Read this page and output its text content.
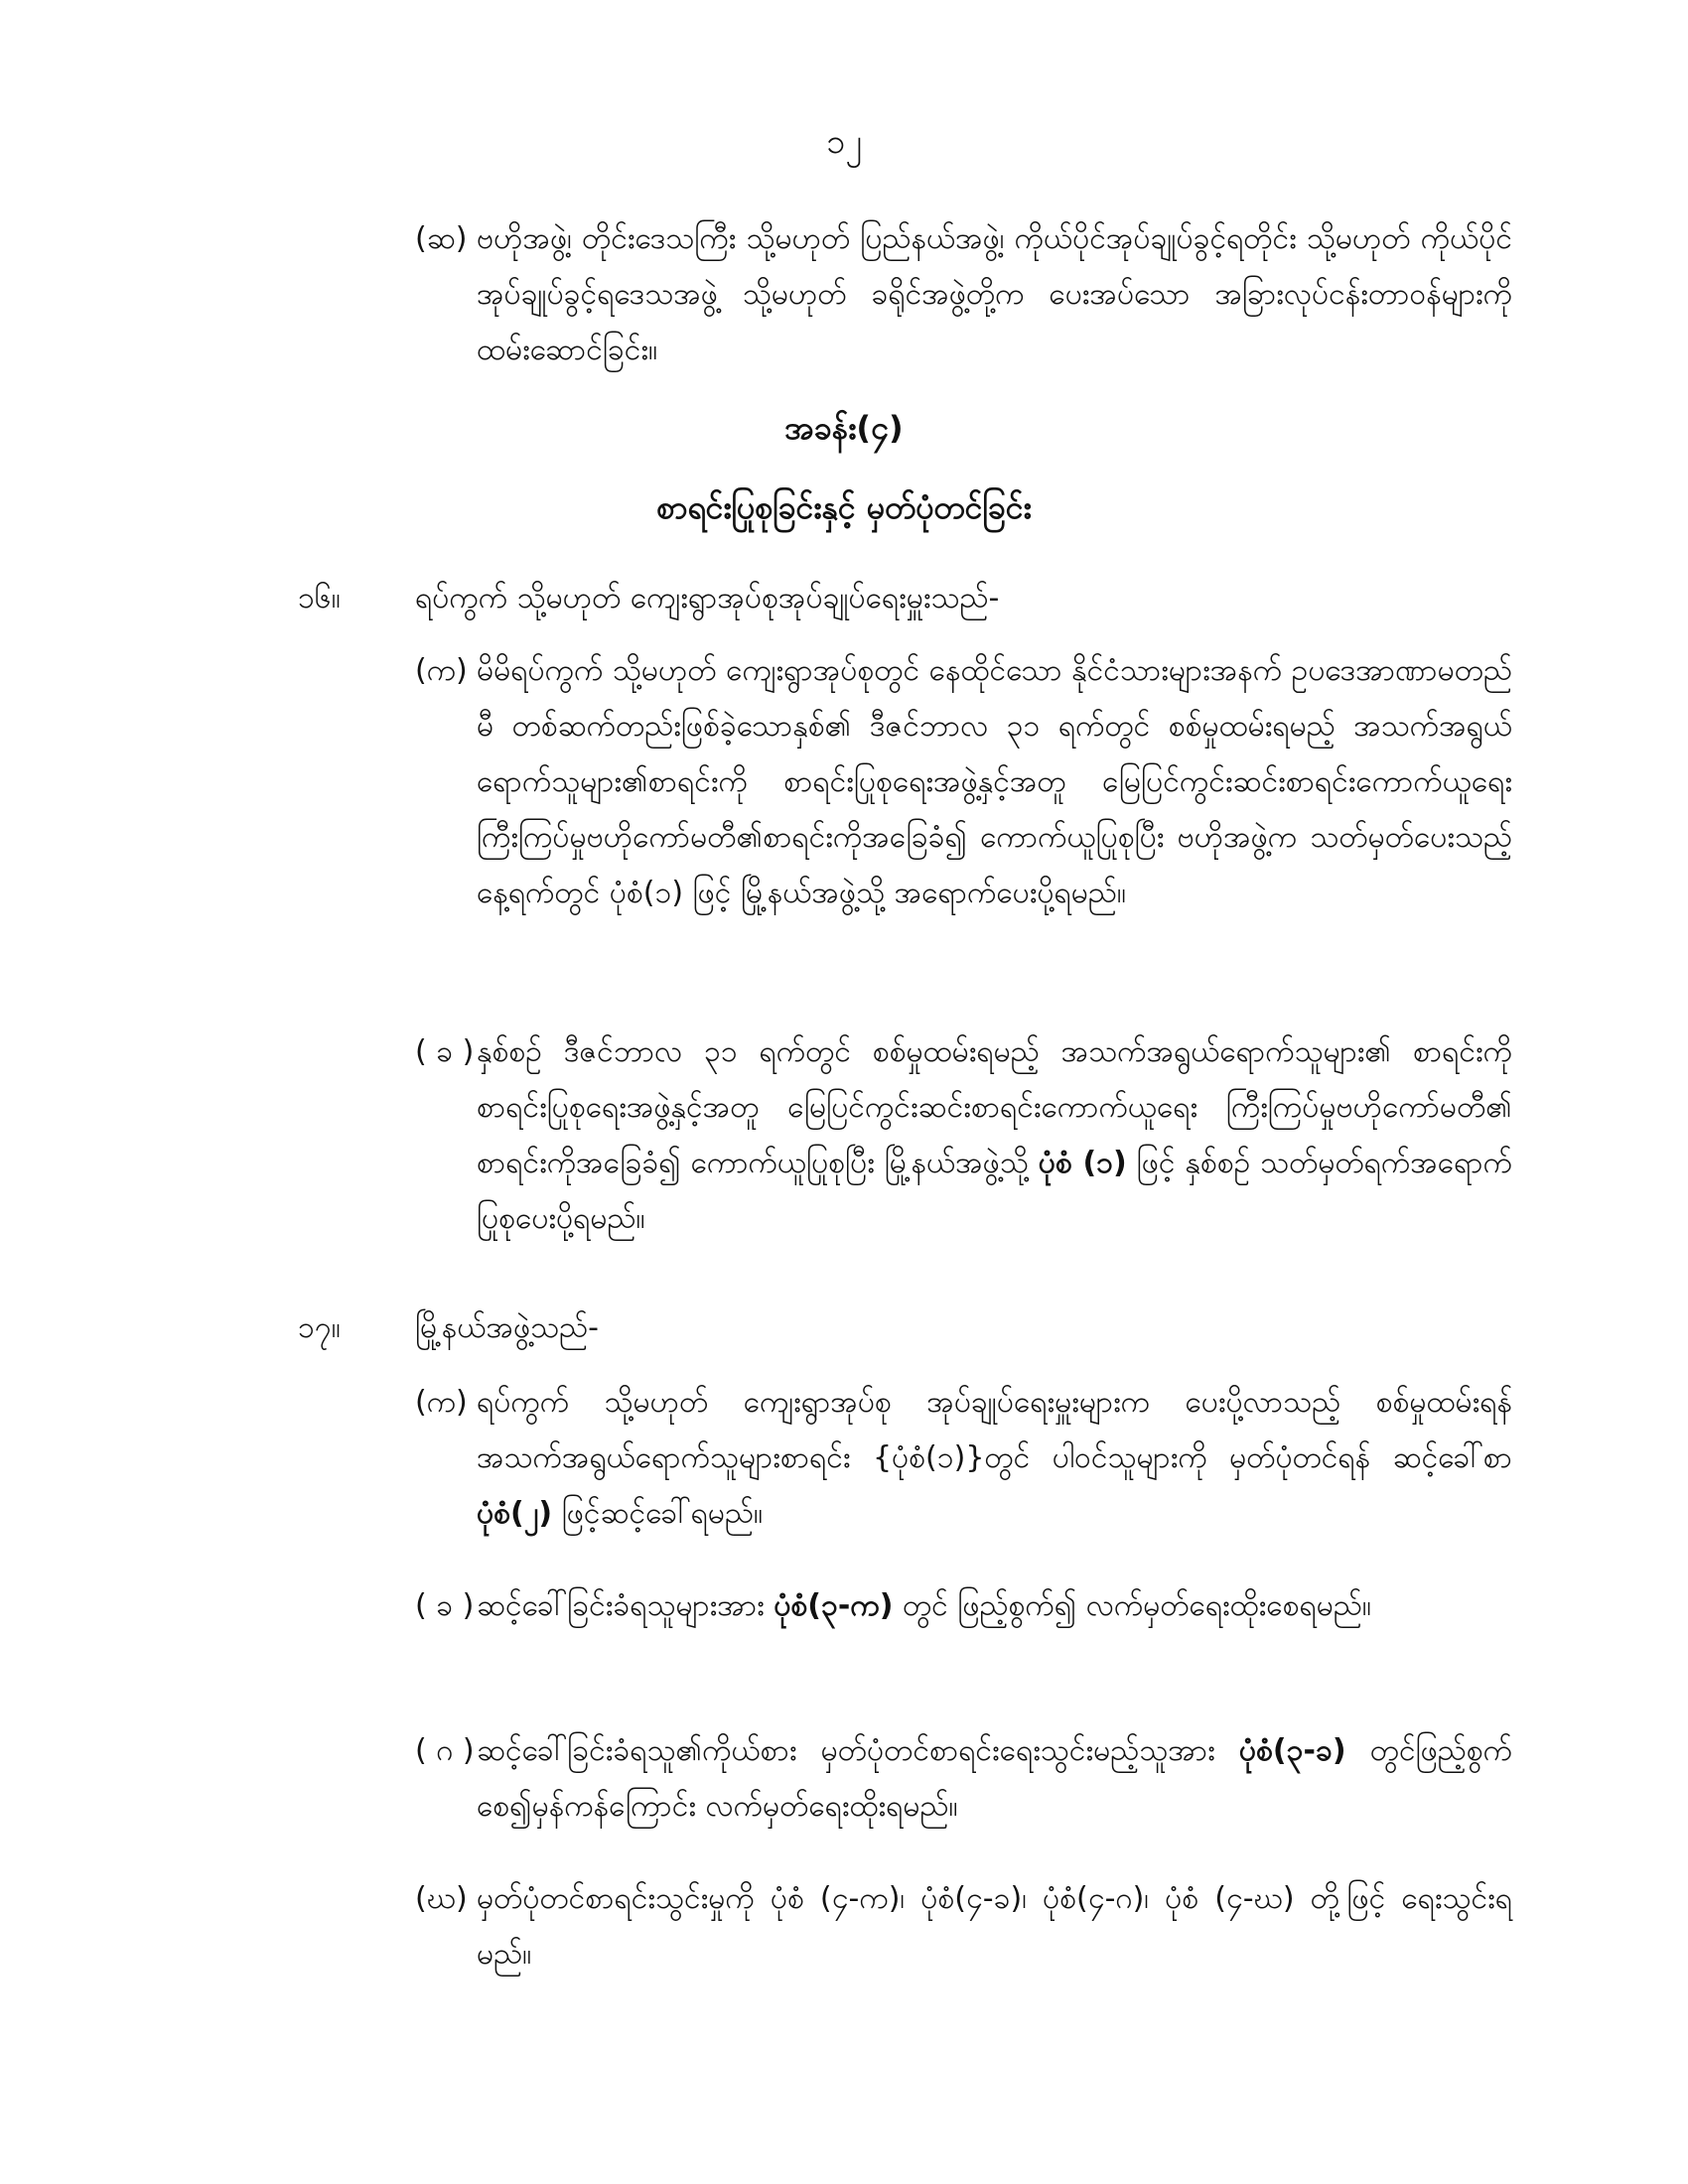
၁၂
(ဆ) ဗဟိုအဖွဲ့၊ တိုင်းဒေသကြီး သို့မဟုတ် ပြည်နယ်အဖွဲ့၊ ကိုယ်ပိုင်အုပ်ချုပ်ခွင့်ရတိုင်း သို့မဟုတ် ကိုယ်ပိုင်အုပ်ချုပ်ခွင့်ရဒေသအဖွဲ့ သို့မဟုတ် ခရိုင်အဖွဲ့တို့က ပေးအပ်သော အခြားလုပ်ငန်းတာဝန်များကို ထမ်းဆောင်ခြင်း။
အခန်း(၄)
စာရင်းပြုစုခြင်းနှင့် မှတ်ပုံတင်ခြင်း
၁၆။	ရပ်ကွက် သို့မဟုတ် ကျေးရွာအုပ်စုအုပ်ချုပ်ရေးမှူးသည်-
(က) မိမိရပ်ကွက် သို့မဟုတ် ကျေးရွာအုပ်စုတွင် နေထိုင်သော နိုင်ငံသားများအနက် ဥပဒေအာဏာမတည်မီ တစ်ဆက်တည်းဖြစ်ခဲ့သောနှစ်၏ ဒီဇင်ဘာလ ၃၁ ရက်တွင် စစ်မှုထမ်းရမည့် အသက်အရွယ်ရောက်သူများ၏စာရင်းကို စာရင်းပြုစုရေးအဖွဲ့နှင့်အတူ မြေပြင်ကွင်းဆင်းစာရင်းကောက်ယူရေး ကြီးကြပ်မှုဗဟိုကော်မတီ၏စာရင်းကိုအခြေခံ၍ ကောက်ယူပြုစုပြီး ဗဟိုအဖွဲ့က သတ်မှတ်ပေးသည့်နေ့ရက်တွင် ပုံစံ(၁) ဖြင့် မြို့နယ်အဖွဲ့သို့ အရောက်ပေးပို့ရမည်။
( ခ ) နှစ်စဉ် ဒီဇင်ဘာလ ၃၁ ရက်တွင် စစ်မှုထမ်းရမည့် အသက်အရွယ်ရောက်သူများ၏ စာရင်းကို စာရင်းပြုစုရေးအဖွဲ့နှင့်အတူ မြေပြင်ကွင်းဆင်းစာရင်းကောက်ယူရေး ကြီးကြပ်မှုဗဟိုကော်မတီ၏ စာရင်းကိုအခြေခံ၍ ကောက်ယူပြုစုပြီး မြို့နယ်အဖွဲ့သို့ ပုံစံ (၁) ဖြင့် နှစ်စဉ် သတ်မှတ်ရက်အရောက် ပြုစုပေးပို့ရမည်။
၁၇။	မြို့နယ်အဖွဲ့သည်-
(က) ရပ်ကွက် သို့မဟုတ် ကျေးရွာအုပ်စု အုပ်ချုပ်ရေးမှူးများက ပေးပို့လာသည့် စစ်မှုထမ်းရန် အသက်အရွယ်ရောက်သူများစာရင်း {ပုံစံ(၁)}တွင် ပါဝင်သူများကို မှတ်ပုံတင်ရန် ဆင့်ခေါ်စာ ပုံစံ(၂) ဖြင့်ဆင့်ခေါ်ရမည်။
( ခ ) ဆင့်ခေါ်ခြင်းခံရသူများအား ပုံစံ(၃-က) တွင် ဖြည့်စွက်၍ လက်မှတ်ရေးထိုးစေရမည်။
( ဂ ) ဆင့်ခေါ်ခြင်းခံရသူ၏ကိုယ်စား မှတ်ပုံတင်စာရင်းရေးသွင်းမည့်သူအား ပုံစံ(၃-ခ) တွင်ဖြည့်စွက်စေ၍မှန်ကန်ကြောင်း လက်မှတ်ရေးထိုးရမည်။
(ဃ) မှတ်ပုံတင်စာရင်းသွင်းမှုကို ပုံစံ (၄-က)၊ ပုံစံ(၄-ခ)၊ ပုံစံ(၄-ဂ)၊ ပုံစံ (၄-ဃ) တို့ဖြင့် ရေးသွင်းရမည်။
